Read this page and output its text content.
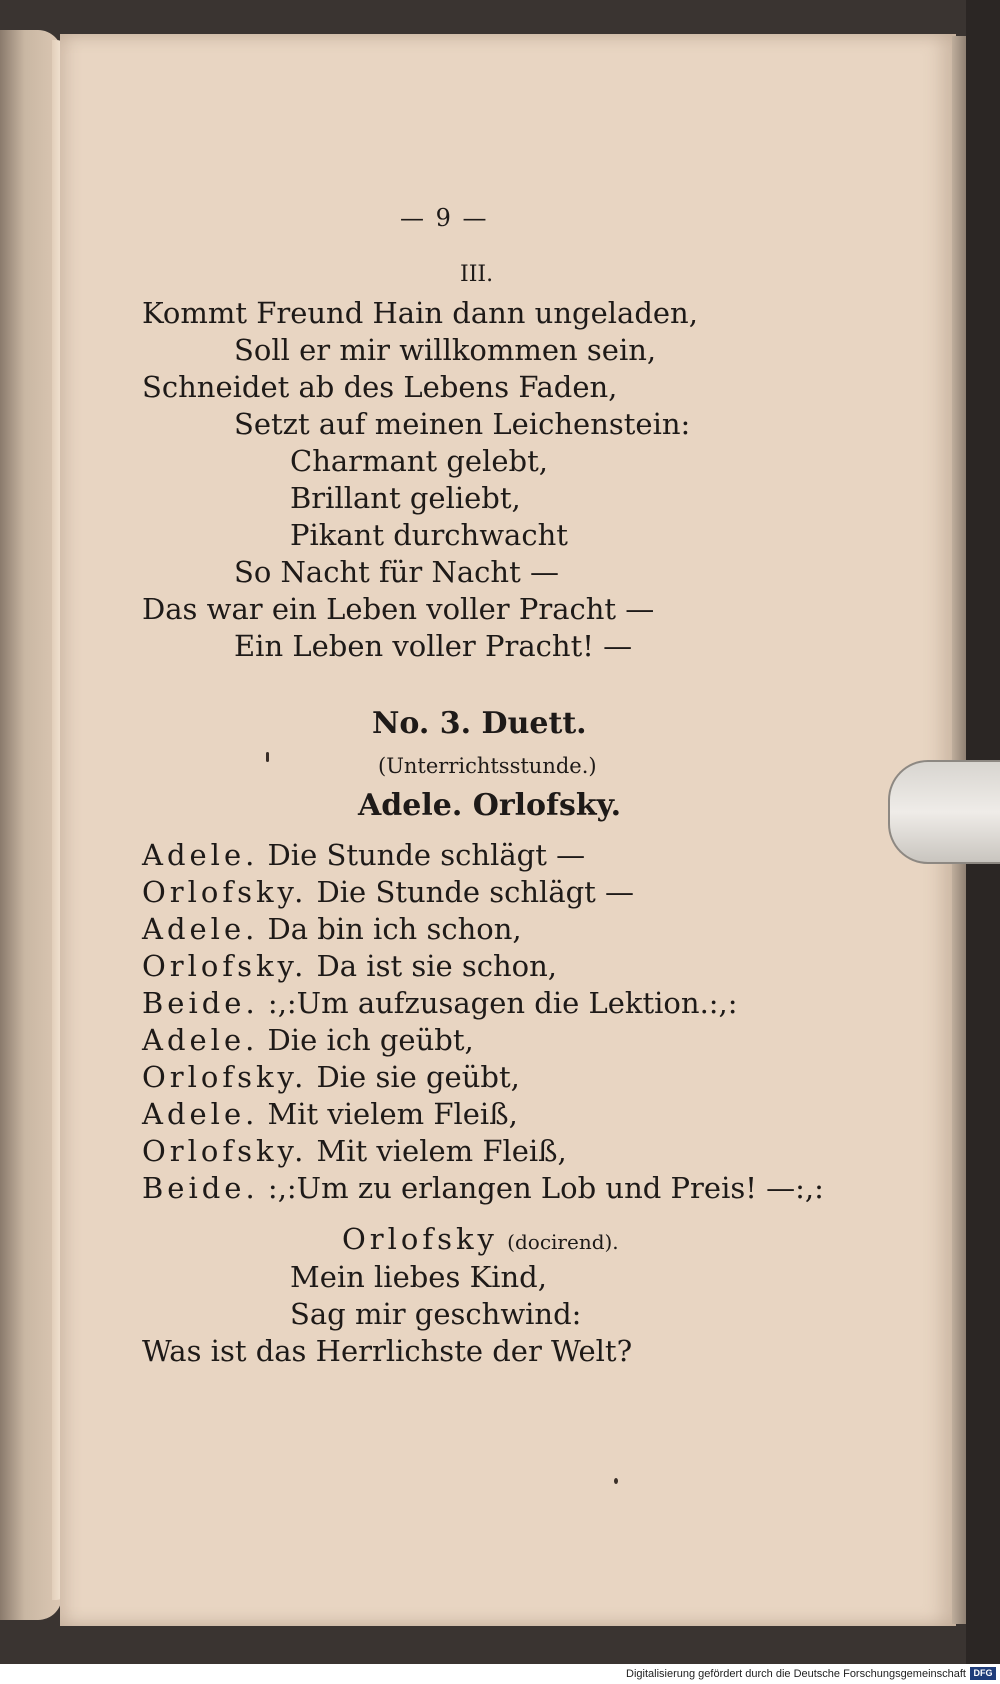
— 9 —
III.
Kommt Freund Hain dann ungeladen,
Soll er mir willkommen sein,
Schneidet ab des Lebens Faden,
Setzt auf meinen Leichenstein:
Charmant gelebt,
Brillant geliebt,
Pikant durchwacht
So Nacht für Nacht —
Das war ein Leben voller Pracht —
Ein Leben voller Pracht! —
No. 3. Duett.
(Unterrichtsstunde.)
Adele. Orlofsky.
Adele. Die Stunde schlägt —
Orlofsky. Die Stunde schlägt —
Adele. Da bin ich schon,
Orlofsky. Da ist sie schon,
Beide. :,:Um aufzusagen die Lektion.:,:
Adele. Die ich geübt,
Orlofsky. Die sie geübt,
Adele. Mit vielem Fleiß,
Orlofsky. Mit vielem Fleiß,
Beide. :,:Um zu erlangen Lob und Preis! —:,:
Orlofsky (docirend).
Mein liebes Kind,
Sag mir geschwind:
Was ist das Herrlichste der Welt?
Digitalisierung gefördert durch die Deutsche Forschungsgemeinschaft DFG
